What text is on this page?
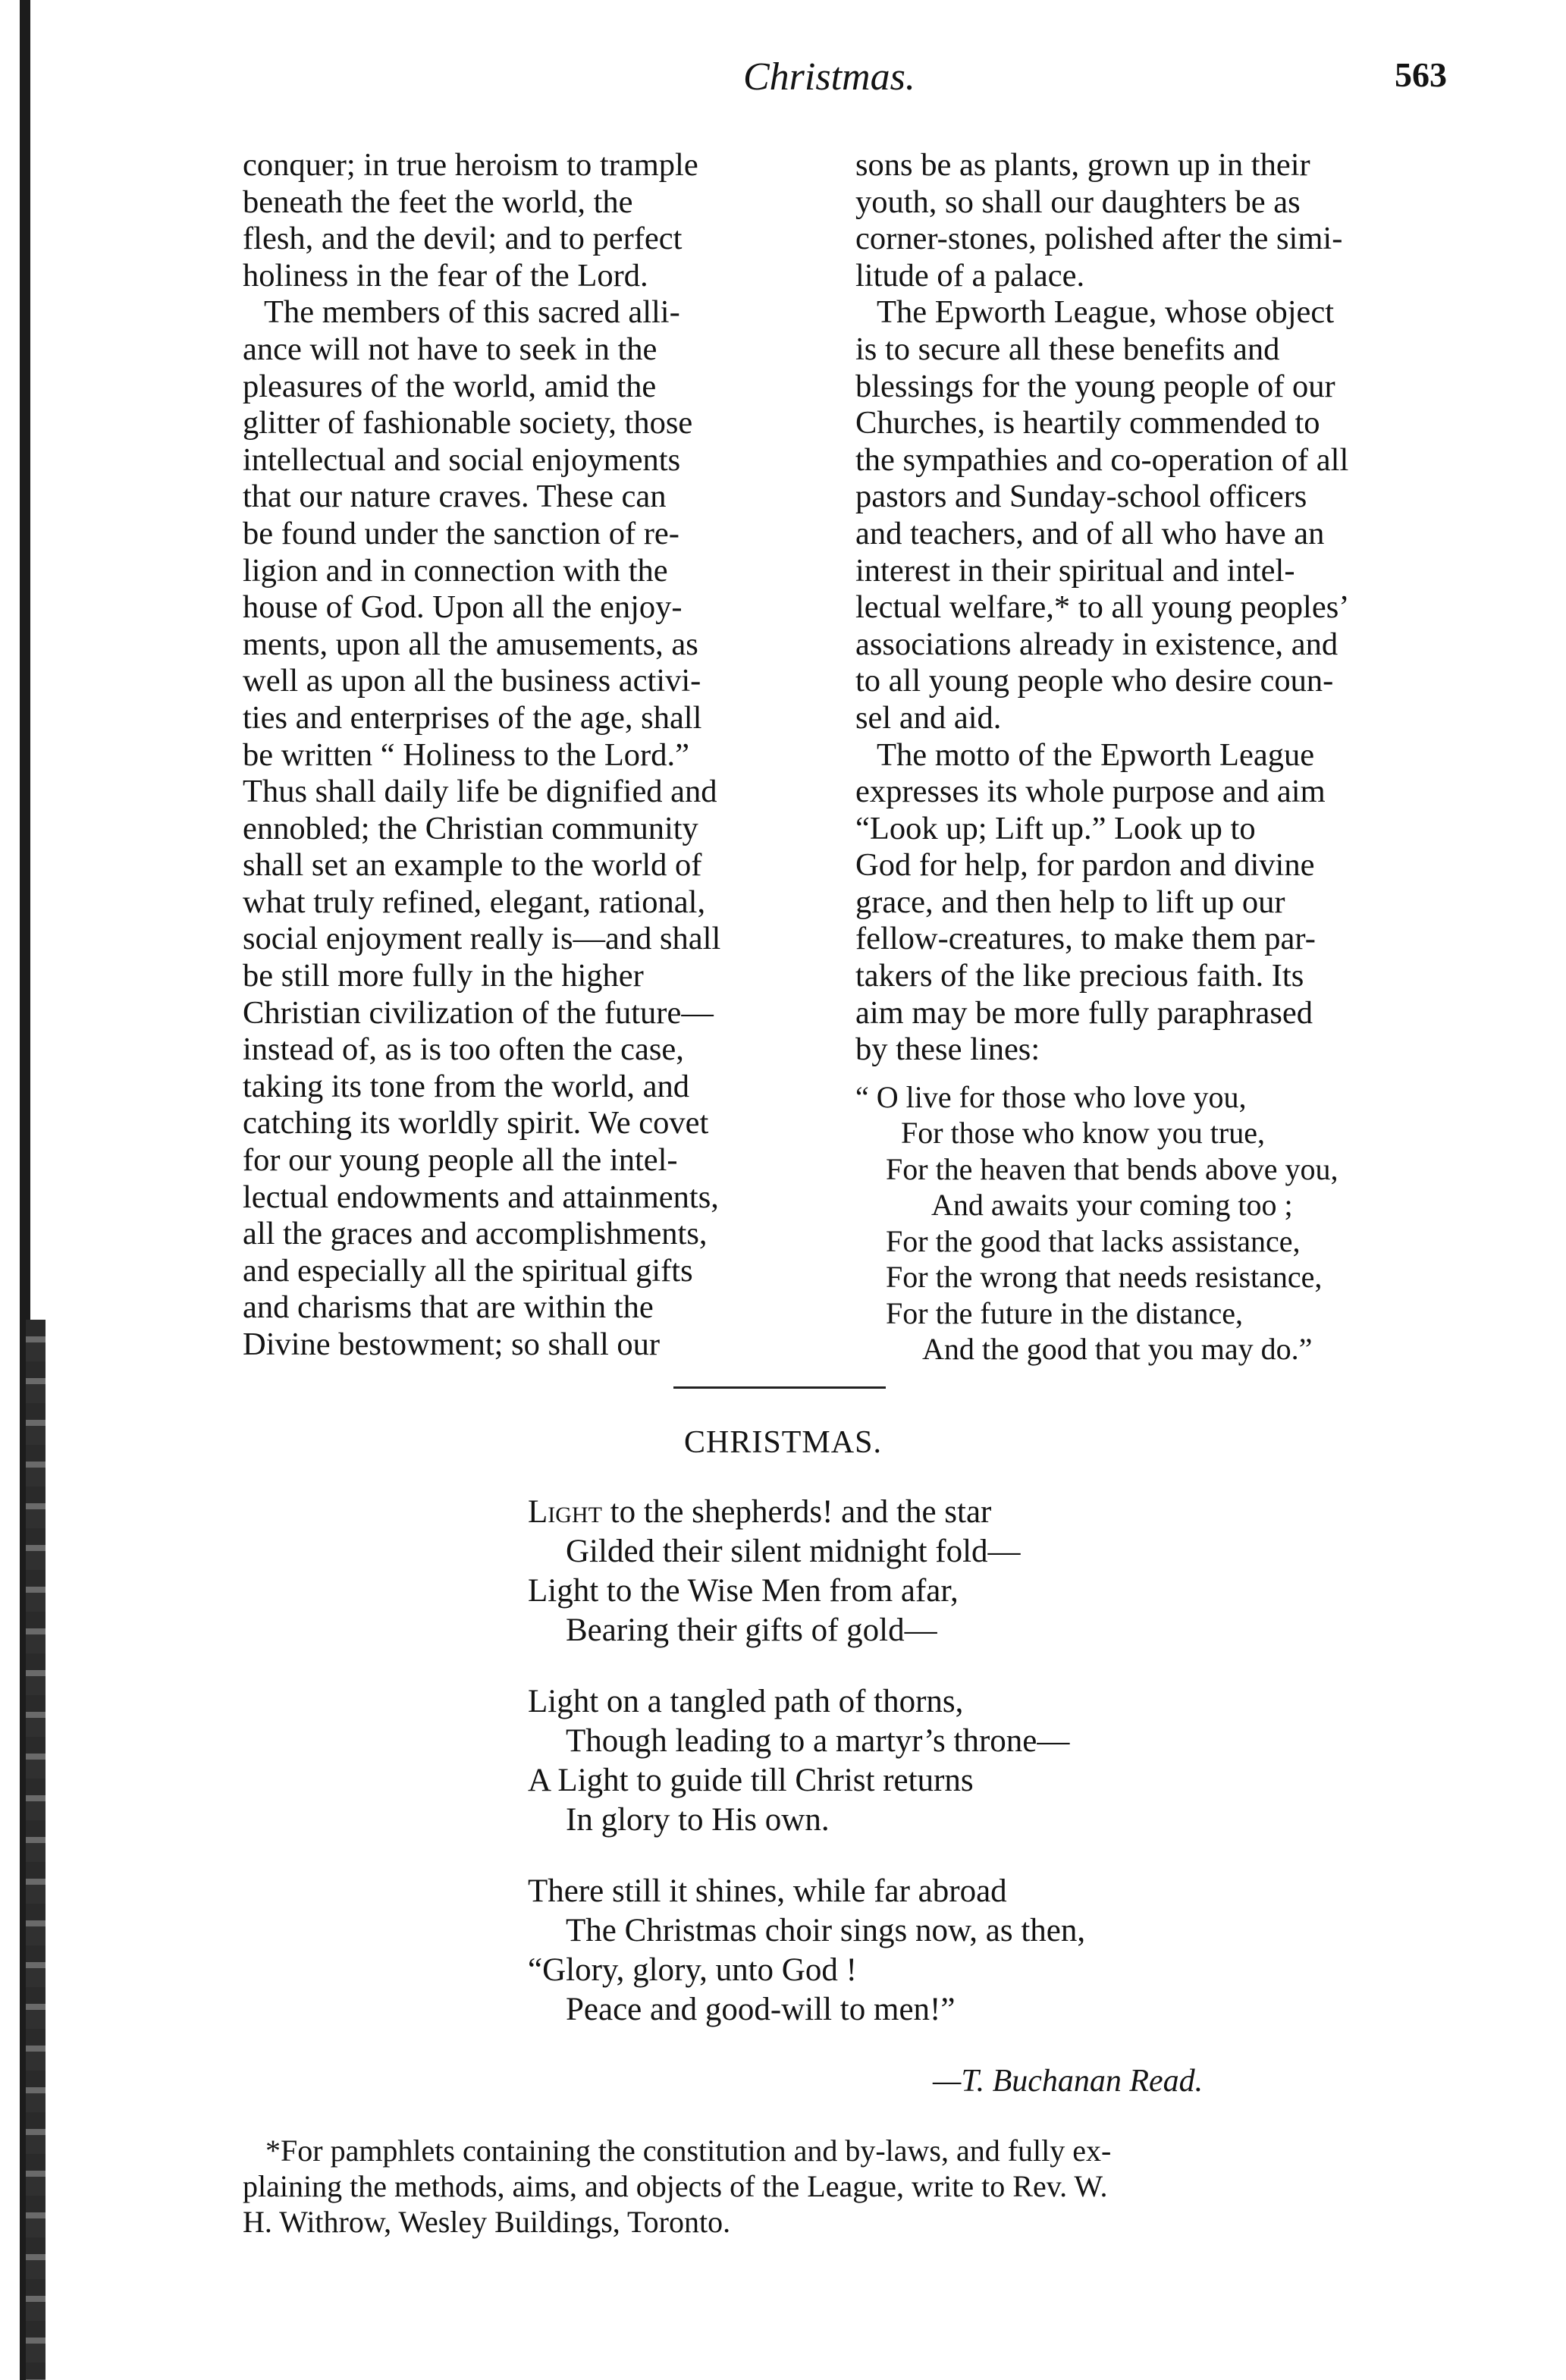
Christmas.	563
conquer; in true heroism to trample
beneath the feet the world, the
flesh, and the devil; and to perfect
holiness in the fear of the Lord.
The members of this sacred alli-
ance will not have to seek in the
pleasures of the world, amid the
glitter of fashionable society, those
intellectual and social enjoyments
that our nature craves. These can
be found under the sanction of re-
ligion and in connection with the
house of God. Upon all the enjoy-
ments, upon all the amusements, as
well as upon all the business activi-
ties and enterprises of the age, shall
be written “ Holiness to the Lord.”
Thus shall daily life be dignified and
ennobled; the Christian community
shall set an example to the world of
what truly refined, elegant, rational,
social enjoyment really is—and shall
be still more fully in the higher
Christian civilization of the future—
instead of, as is too often the case,
taking its tone from the world, and
catching its worldly spirit. We covet
for our young people all the intel-
lectual endowments and attainments,
all the graces and accomplishments,
and especially all the spiritual gifts
and charisms that are within the
Divine bestowment; so shall our
sons be as plants, grown up in their
youth, so shall our daughters be as
corner-stones, polished after the simi-
litude of a palace.
The Epworth League, whose object
is to secure all these benefits and
blessings for the young people of our
Churches, is heartily commended to
the sympathies and co-operation of all
pastors and Sunday-school officers
and teachers, and of all who have an
interest in their spiritual and intel-
lectual welfare,* to all young peoples’
associations already in existence, and
to all young people who desire coun-
sel and aid.
The motto of the Epworth League
expresses its whole purpose and aim
“Look up; Lift up.” Look up to
God for help, for pardon and divine
grace, and then help to lift up our
fellow-creatures, to make them par-
takers of the like precious faith. Its
aim may be more fully paraphrased
by these lines:
“ O live for those who love you,
For those who know you true,
For the heaven that bends above you,
And awaits your coming too ;
For the good that lacks assistance,
For the wrong that needs resistance,
For the future in the distance,
And the good that you may do.”
CHRISTMAS.
Light to the shepherds! and the star
Gilded their silent midnight fold—
Light to the Wise Men from afar,
Bearing their gifts of gold—
Light on a tangled path of thorns,
Though leading to a martyr’s throne—
A Light to guide till Christ returns
In glory to His own.
There still it shines, while far abroad
The Christmas choir sings now, as then,
“Glory, glory, unto God !
Peace and good-will to men!”
—T. Buchanan Read.
*For pamphlets containing the constitution and by-laws, and fully ex-
plaining the methods, aims, and objects of the League, write to Rev. W.
H. Withrow, Wesley Buildings, Toronto.
